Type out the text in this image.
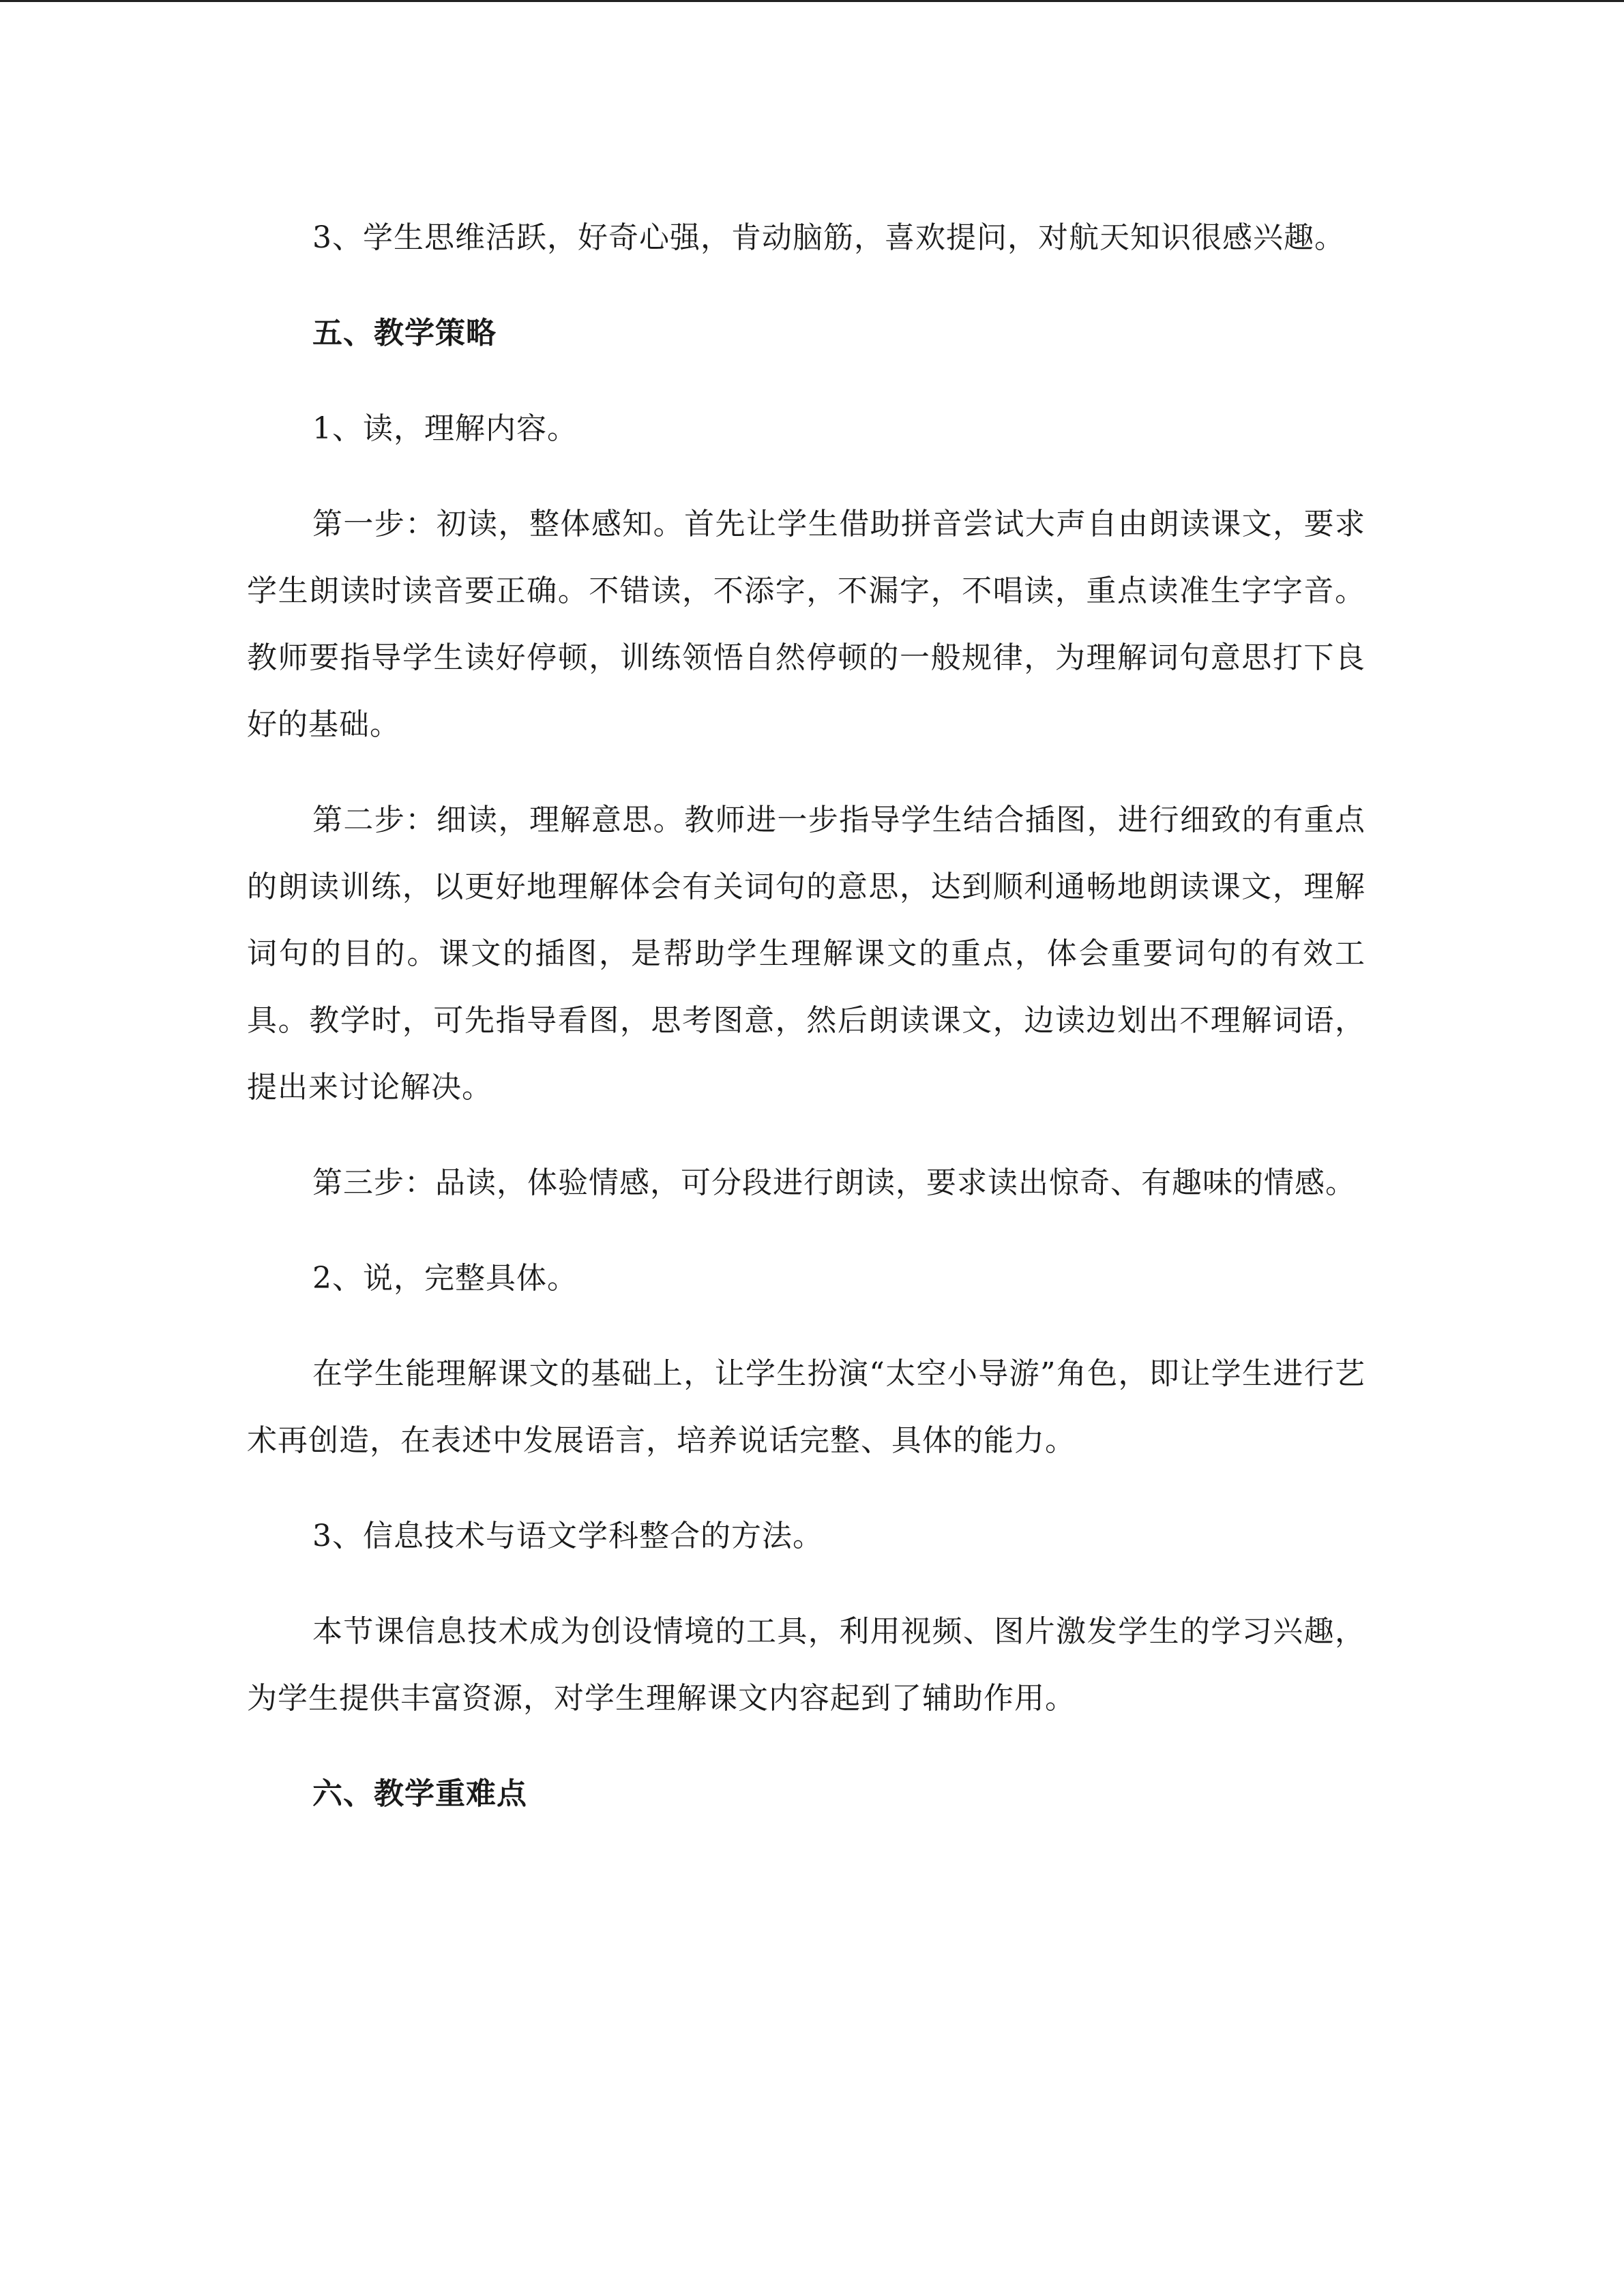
3、学生思维活跃，好奇心强，肯动脑筋，喜欢提问，对航天知识很感兴趣。

五、教学策略

1、读，理解内容。

第一步：初读，整体感知。首先让学生借助拼音尝试大声自由朗读课文，要求学生朗读时读音要正确。不错读，不添字，不漏字，不唱读，重点读准生字字音。教师要指导学生读好停顿，训练领悟自然停顿的一般规律，为理解词句意思打下良好的基础。

第二步：细读，理解意思。教师进一步指导学生结合插图，进行细致的有重点的朗读训练，以更好地理解体会有关词句的意思，达到顺利通畅地朗读课文，理解词句的目的。课文的插图，是帮助学生理解课文的重点，体会重要词句的有效工具。教学时，可先指导看图，思考图意，然后朗读课文，边读边划出不理解词语，提出来讨论解决。

第三步：品读，体验情感，可分段进行朗读，要求读出惊奇、有趣味的情感。

2、说，完整具体。

在学生能理解课文的基础上，让学生扮演“太空小导游”角色，即让学生进行艺术再创造，在表述中发展语言，培养说话完整、具体的能力。

3、信息技术与语文学科整合的方法。

本节课信息技术成为创设情境的工具，利用视频、图片激发学生的学习兴趣，为学生提供丰富资源，对学生理解课文内容起到了辅助作用。

六、教学重难点
